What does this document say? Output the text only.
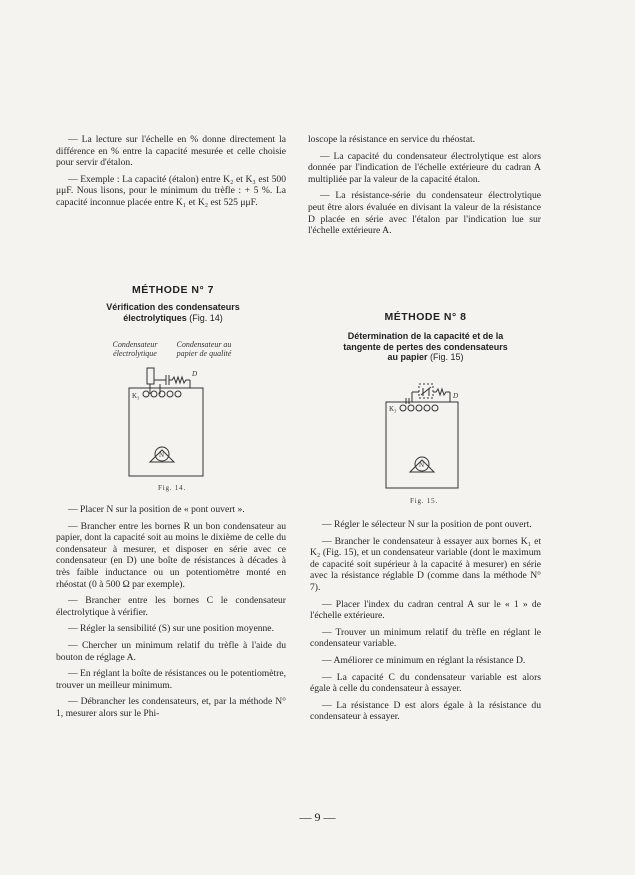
— La lecture sur l'échelle en % donne directement la différence en % entre la capacité mesurée et celle choisie pour servir d'étalon.

— Exemple : La capacité (étalon) entre K₂ et K₃ est 500 μμF. Nous lisons, pour le minimum du trèfle : + 5 %. La capacité inconnue placée entre K₁ et K₂ est 525 μμF.

loscope la résistance en service du rhéostat.

— La capacité du condensateur électrolytique est alors donnée par l'indication de l'échelle extérieure du cadran A multipliée par la valeur de la capacité étalon.

— La résistance-série du condensateur électrolytique peut être alors évaluée en divisant la valeur de la résistance D placée en série avec l'étalon par l'indication lue sur l'échelle extérieure A.

MÉTHODE N° 7
Vérification des condensateurs
électrolytiques (Fig. 14)
Condensateur
électrolytique
Condensateur au
papier de qualité
K₃
D
N
Fig. 14.
MÉTHODE N° 8
Détermination de la capacité et de la
tangente de pertes des condensateurs
au papier (Fig. 15)
K₃
D
N
Fig. 15.

— Placer N sur la position de « pont ouvert ».

— Brancher entre les bornes R un bon condensateur au papier, dont la capacité soit au moins le dixième de celle du condensateur à mesurer, et disposer en série avec ce condensateur (en D) une boîte de résistances à décades à très faible inductance ou un potentiomètre monté en rhéostat (0 à 500 Ω par exemple).

— Brancher entre les bornes C le condensateur électrolytique à vérifier.

— Régler la sensibilité (S) sur une position moyenne.

— Chercher un minimum relatif du trèfle à l'aide du bouton de réglage A.

— En réglant la boîte de résistances ou le potentiomètre, trouver un meilleur minimum.

— Débrancher les condensateurs, et, par la méthode N° 1, mesurer alors sur le Phi-

— Régler le sélecteur N sur la position de pont ouvert.

— Brancher le condensateur à essayer aux bornes K₁ et K₂ (Fig. 15), et un condensateur variable (dont le maximum de capacité soit supérieur à la capacité à mesurer) en série avec la résistance réglable D (comme dans la méthode N° 7).

— Placer l'index du cadran central A sur le « 1 » de l'échelle extérieure.

— Trouver un minimum relatif du trèfle en réglant le condensateur variable.

— Améliorer ce minimum en réglant la résistance D.

— La capacité C du condensateur variable est alors égale à celle du condensateur à essayer.

— La résistance D est alors égale à la résistance du condensateur à essayer.

— 9 —
